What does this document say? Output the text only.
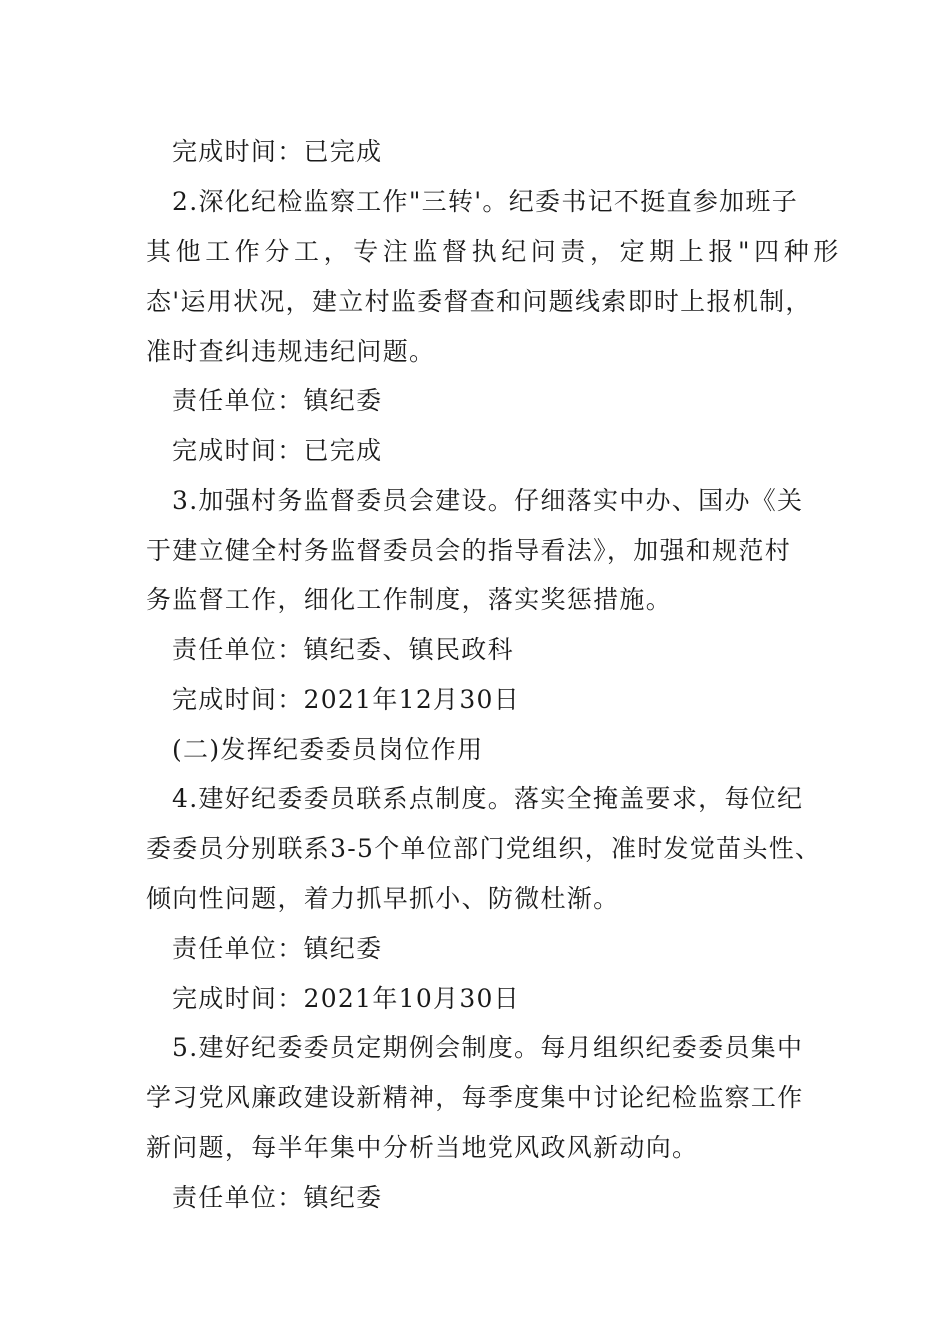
完成时间：已完成
2.深化纪检监察工作"三转'。纪委书记不挺直参加班子
其他工作分工，专注监督执纪问责，定期上报"四种形
态'运用状况，建立村监委督查和问题线索即时上报机制，
准时查纠违规违纪问题。
责任单位：镇纪委
完成时间：已完成
3.加强村务监督委员会建设。仔细落实中办、国办《关
于建立健全村务监督委员会的指导看法》，加强和规范村
务监督工作，细化工作制度，落实奖惩措施。
责任单位：镇纪委、镇民政科
完成时间：2021年12月30日
(二)发挥纪委委员岗位作用
4.建好纪委委员联系点制度。落实全掩盖要求，每位纪
委委员分别联系3-5个单位部门党组织，准时发觉苗头性、
倾向性问题，着力抓早抓小、防微杜渐。
责任单位：镇纪委
完成时间：2021年10月30日
5.建好纪委委员定期例会制度。每月组织纪委委员集中
学习党风廉政建设新精神，每季度集中讨论纪检监察工作
新问题，每半年集中分析当地党风政风新动向。
责任单位：镇纪委
